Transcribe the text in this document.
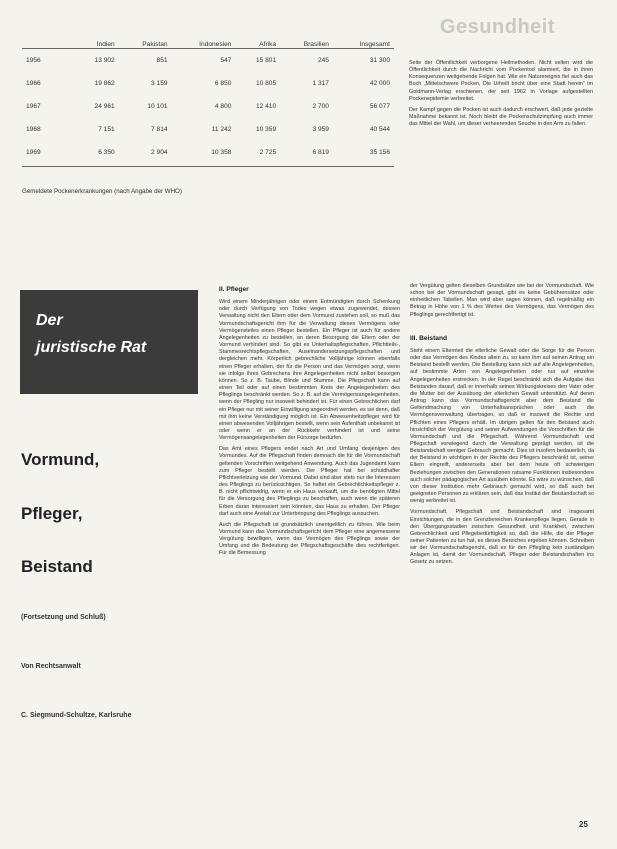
	Indien	Pakistan	Indonesien	Afrika	Brasilien	Insgesamt
1956	13 902	851	547	15 801	245	31 300
1966	19 862	3 159	6 850	10 805	1 317	42 000
1967	24 961	10 101	4 800	12 410	2 700	56 077
1968	7 151	7 814	11 242	10 359	3 959	40 544
1969	6 350	2 904	10 358	2 725	6 819	35 156
Gemeldete Pockenerkrankungen (nach Angabe der WHO)
Gesundheit

Seite der Öffentlichkeit verborgene Heilmethoden. Nicht selten wird die Öffentlichkeit durch die Nachricht vom Pockentod alarmiert, die in ihren Konsequenzen weitgehende Folgen hat. Wie ein Naturereignis fiel auch das Buch „Mittelschwere Pocken, Die Urheilt bricht über eine Stadt herein” im Goldmann-Verlag erschienen, der seit 1962 in Vorlage aufgestellten Pockenepidemie verbreitet.

Der Kampf gegen die Pocken ist auch dadurch erschwert, daß jede gezielte Maßnahme bekannt ist. Noch bleibt die Pockenschutzimpfung auch immer das Mittel der Wahl, um dieser verheerenden Seuche in den Arm zu fallen.

Der
juristische Rat
Vormund,
Pfleger,
Beistand
(Fortsetzung und Schluß)
Von Rechtsanwalt
C. Siegmund-Schultze, Karlsruhe
II. Pfleger

Wird einem Minderjährigen oder einem Entmündigten durch Schenkung oder durch Verfügung von Todes wegen etwas zugewendet, dessen Verwaltung nicht den Eltern oder dem Vormund zustehen soll, so muß das Vormundschaftsgericht ihm für die Verwaltung dieses Vermögens oder Vermögensteiles einen Pfleger bestellen. Ein Pfleger ist auch für andere Angelegenheiten zu bestellen, an deren Besorgung die Eltern oder der Vormund verhindert sind. So gibt es Unterhaltspflegschaften, Pflichtteils-, Stammesrechtspflegschaften, Auseinandersetzungspflegschaften und dergleichen mehr. Körperlich gebrechliche Volljährige können ebenfalls einen Pfleger erhalten, der für die Person und das Vermögen sorgt, wenn sie infolge ihres Gebrechens ihre Angelegenheiten nicht selbst besorgen können. So z. B. Taube, Blinde und Stumme. Die Pflegschaft kann auf einen Teil oder auf einen bestimmten Kreis der Angelegenheiten des Pfleglings beschränkt werden. So z. B. auf die Vermögensangelegenheiten, wenn der Pflegling nur insoweit behindert ist. Für einen Gebrechlichen darf ein Pfleger nur mit seiner Einwilligung angeordnet werden, es sei denn, daß mit ihm keine Verständigung möglich ist. Ein Abwesenheitspfleger wird für einen abwesenden Volljährigen bestellt, wenn sein Aufenthalt unbekannt ist oder wenn er an der Rückkehr verhindert ist und seine Vermögensangelegenheiten der Fürsorge bedürfen.

Das Amt eines Pflegers endet nach Art und Umfang desjenigen des Vormundes. Auf die Pflegschaft finden demnach die für die Vormundschaft geltenden Vorschriften weitgehend Anwendung. Auch das Jugendamt kann zum Pfleger bestellt werden. Der Pfleger hat bei schuldhafter Pflichtverletzung wie der Vormund. Dabei sind aber stets nur die Interessen des Pfleglings zu berücksichtigen. So haftet ein Gebrechlichkeitspfleger z. B. nicht pflichtwidrig, wenn er ein Haus verkauft, um die benötigten Mittel für die Versorgung des Pfleglings zu beschaffen, auch wenn die späteren Erben daran interessiert sein könnten, das Haus zu erhalten. Der Pfleger darf auch eine Anstalt zur Unterbringung des Pfleglings aussuchen.

Auch die Pflegschaft ist grundsätzlich unentgeltlich zu führen. Wie beim Vormund kann das Vormundschaftsgericht dem Pfleger eine angemessene Vergütung bewilligen, wenn das Vermögen des Pfleglings sowie der Umfang und die Bedeutung der Pflegschaftsgeschäfte dies rechtfertigen. Für die Bemessung

der Vergütung gelten dieselben Grundsätze wie bei der Vormundschaft. Wie schon bei der Vormundschaft gesagt, gibt es keine Gebührensätze oder einheitlichen Tabellen. Man wird aber sagen können, daß regelmäßig ein Betrag in Höhe von 1 % des Wertes des Vermögens, das Vermögen des Pfleglings gerechtfertigt ist.

III. Beistand

Steht einem Elternteil die elterliche Gewalt oder die Sorge für die Person oder das Vermögen des Kindes allein zu, so kann ihm auf seinen Antrag ein Beistand bestellt werden. Die Bestellung kann sich auf alle Angelegenheiten, auf bestimmte Arten von Angelegenheiten oder nur auf einzelne Angelegenheiten erstrecken. In der Regel beschränkt sich die Aufgabe des Beistandes darauf, daß er innerhalb seines Wirkungskreises den Vater oder die Mutter bei der Ausübung der elterlichen Gewalt unterstützt. Auf deren Antrag kann das Vormundschaftsgericht aber dem Beistand die Geltendmachung von Unterhaltsansprüchen oder auch die Vermögensverwaltung übertragen, so daß er insoweit die Rechte und Pflichten eines Pflegers erhält. Im übrigen gelten für den Beistand auch hinsichtlich der Vergütung und seiner Aufwendungen die Vorschriften für die Vormundschaft und die Pflegschaft. Während Vormundschaft und Pflegschaft vorwiegend durch die Verwaltung geprägt werden, ist die Beistandschaft weniger Gebrauch gemacht. Dies ist insofern bedauerlich, da der Beistand in wichtigen in der Rechte des Pflegers beschränkt ist, seiner Eltern eingreift, andererseits aber bei dem heute oft schwierigen Beziehungen zwischen den Generationen ratsame Funktionen insbesondere auch solcher pädagogischer Art ausüben könnte. Es wäre zu wünschen, daß von dieser Institution mehr Gebrauch gemacht wird, so daß auch bei geeigneten Personen zu erklären sein, daß das Institut der Beistandschaft so wenig verbreitet ist.

Vormundschaft, Pflegschaft und Beistandschaft sind insgesamt Einrichtungen, die in den Grenzbereichen Krankenpflege liegen. Gerade in den Übergangsstadien zwischen Gesundheit und Krankheit, zwischen Gebrechlichkeit und Pflegebedürftigkeit so, daß die Hilfe, die der Pfleger seiner Patienten zu tun hat, es dieses Bereiches ergeben können. Schreiben wir der Vormundschaftsgericht, daß es für den Pflegling kein zuständigen Anlagen ist, damit der Vormundschaft, Pfleger oder Beistandschaften ins Gesetz zu setzen.

25
